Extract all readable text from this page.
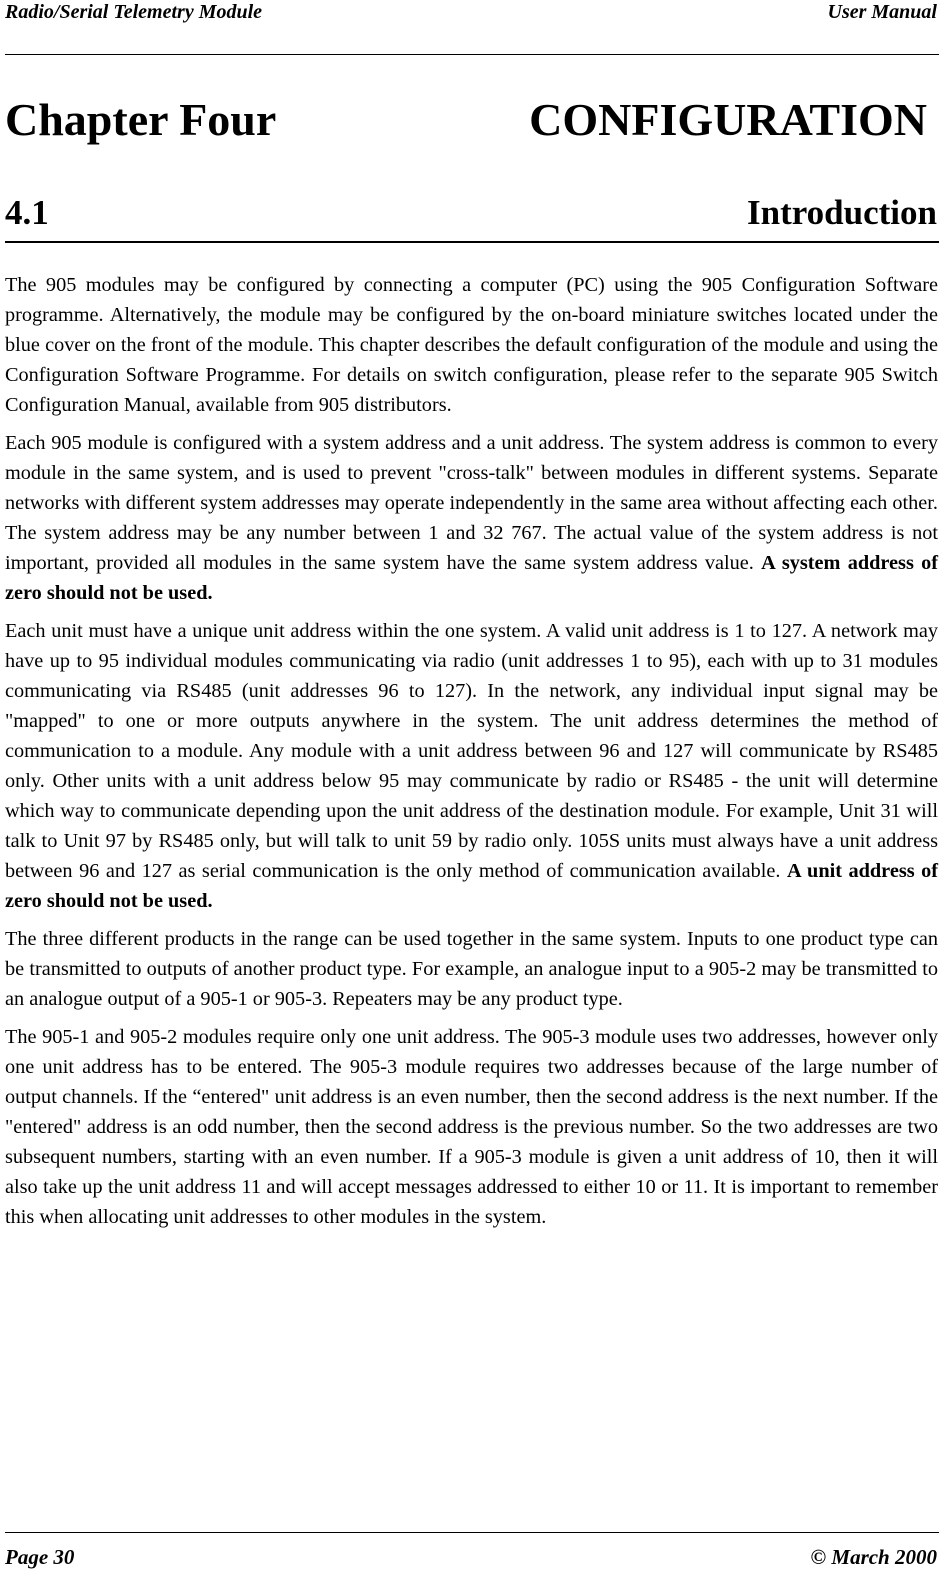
Radio/Serial Telemetry Module	User Manual
Chapter Four	CONFIGURATION
4.1	Introduction

The 905 modules may be configured by connecting a computer (PC) using the 905 Configuration Software programme. Alternatively, the module may be configured by the on-board miniature switches located under the blue cover on the front of the module. This chapter describes the default configuration of the module and using the Configuration Software Programme. For details on switch configuration, please refer to the separate 905 Switch Configuration Manual, available from 905 distributors.

Each 905 module is configured with a system address and a unit address. The system address is common to every module in the same system, and is used to prevent "cross-talk" between modules in different systems. Separate networks with different system addresses may operate independently in the same area without affecting each other. The system address may be any number between 1 and 32 767. The actual value of the system address is not important, provided all modules in the same system have the same system address value. A system address of zero should not be used.

Each unit must have a unique unit address within the one system. A valid unit address is 1 to 127. A network may have up to 95 individual modules communicating via radio (unit addresses 1 to 95), each with up to 31 modules communicating via RS485 (unit addresses 96 to 127). In the network, any individual input signal may be "mapped" to one or more outputs anywhere in the system. The unit address determines the method of communication to a module. Any module with a unit address between 96 and 127 will communicate by RS485 only. Other units with a unit address below 95 may communicate by radio or RS485 - the unit will determine which way to communicate depending upon the unit address of the destination module. For example, Unit 31 will talk to Unit 97 by RS485 only, but will talk to unit 59 by radio only. 105S units must always have a unit address between 96 and 127 as serial communication is the only method of communication available. A unit address of zero should not be used.

The three different products in the range can be used together in the same system. Inputs to one product type can be transmitted to outputs of another product type. For example, an analogue input to a 905-2 may be transmitted to an analogue output of a 905-1 or 905-3. Repeaters may be any product type.

The 905-1 and 905-2 modules require only one unit address. The 905-3 module uses two addresses, however only one unit address has to be entered. The 905-3 module requires two addresses because of the large number of output channels. If the “entered" unit address is an even number, then the second address is the next number. If the "entered" address is an odd number, then the second address is the previous number. So the two addresses are two subsequent numbers, starting with an even number. If a 905-3 module is given a unit address of 10, then it will also take up the unit address 11 and will accept messages addressed to either 10 or 11. It is important to remember this when allocating unit addresses to other modules in the system.

Page 30	© March 2000
